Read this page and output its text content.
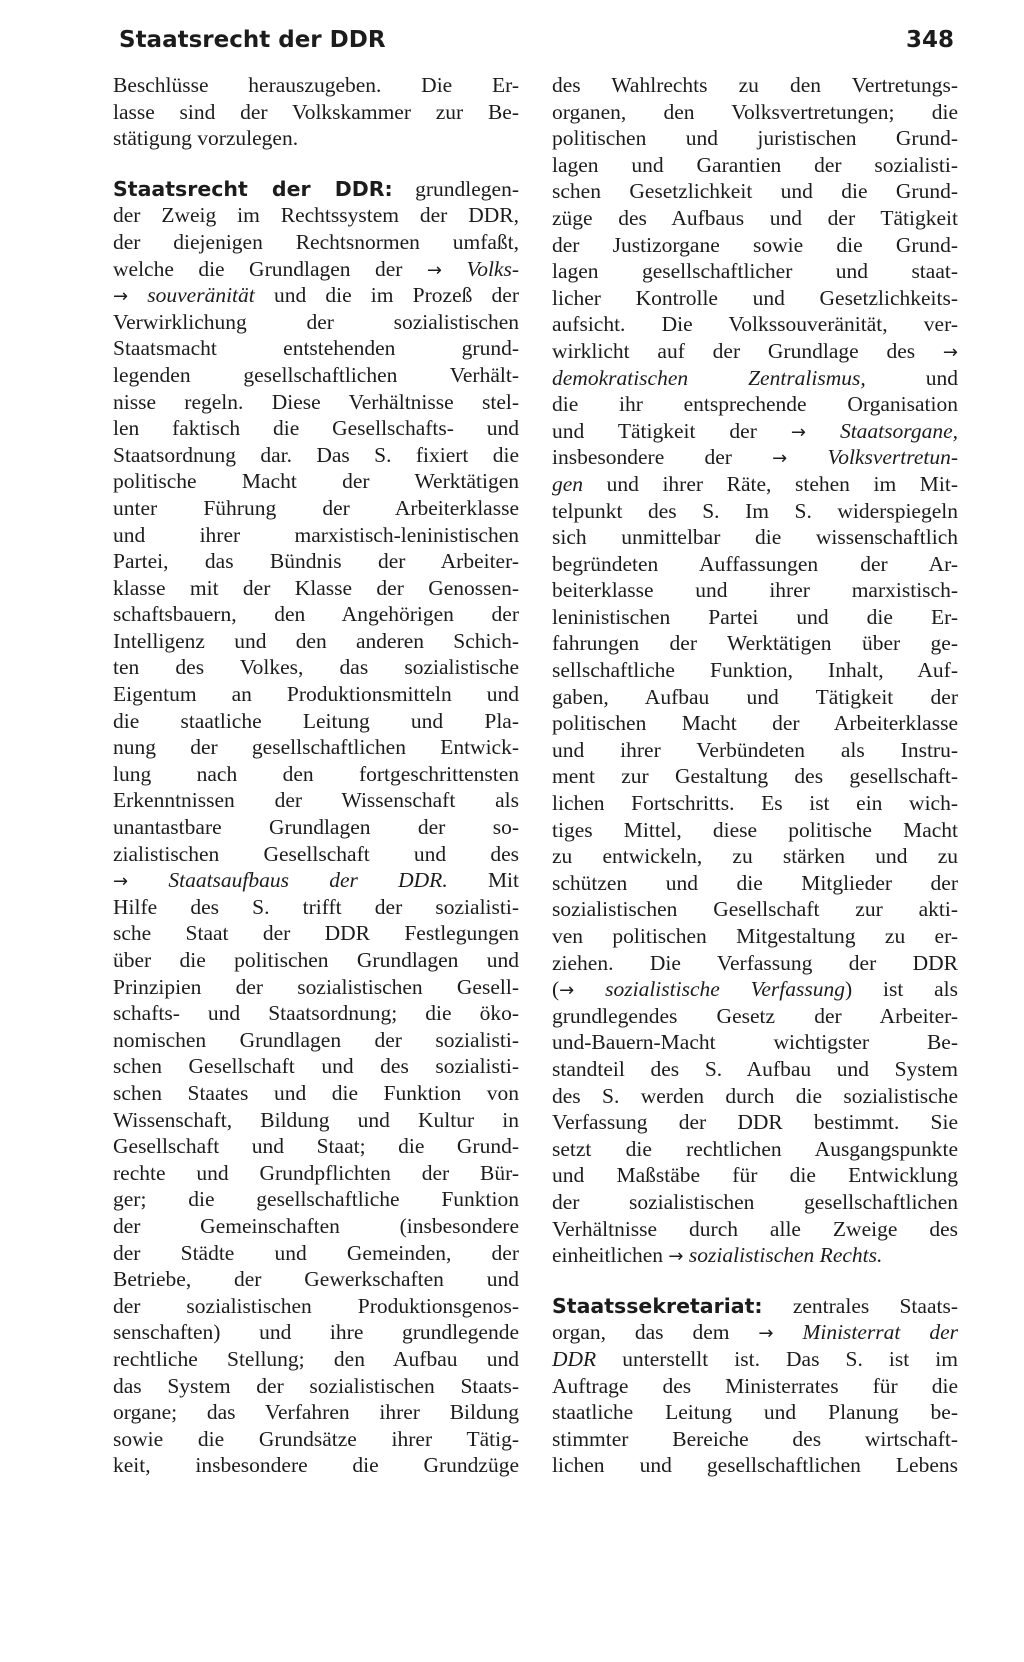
Staatsrecht der DDR	348
Beschlüsse herauszugeben. Die Er-
lasse sind der Volkskammer zur Be-
stätigung vorzulegen.
Staatsrecht der DDR: grundlegen-
der Zweig im Rechtssystem der DDR,
der diejenigen Rechtsnormen umfaßt,
welche die Grundlagen der → Volks-
→ souveränität und die im Prozeß der
Verwirklichung der sozialistischen
Staatsmacht entstehenden grund-
legenden gesellschaftlichen Verhält-
nisse regeln. Diese Verhältnisse stel-
len faktisch die Gesellschafts- und
Staatsordnung dar. Das S. fixiert die
politische Macht der Werktätigen
unter Führung der Arbeiterklasse
und ihrer marxistisch-leninistischen
Partei, das Bündnis der Arbeiter-
klasse mit der Klasse der Genossen-
schaftsbauern, den Angehörigen der
Intelligenz und den anderen Schich-
ten des Volkes, das sozialistische
Eigentum an Produktionsmitteln und
die staatliche Leitung und Pla-
nung der gesellschaftlichen Entwick-
lung nach den fortgeschrittensten
Erkenntnissen der Wissenschaft als
unantastbare Grundlagen der so-
zialistischen Gesellschaft und des
→ Staatsaufbaus der DDR. Mit
Hilfe des S. trifft der sozialisti-
sche Staat der DDR Festlegungen
über die politischen Grundlagen und
Prinzipien der sozialistischen Gesell-
schafts- und Staatsordnung; die öko-
nomischen Grundlagen der sozialisti-
schen Gesellschaft und des sozialisti-
schen Staates und die Funktion von
Wissenschaft, Bildung und Kultur in
Gesellschaft und Staat; die Grund-
rechte und Grundpflichten der Bür-
ger; die gesellschaftliche Funktion
der Gemeinschaften (insbesondere
der Städte und Gemeinden, der
Betriebe, der Gewerkschaften und
der sozialistischen Produktionsgenos-
senschaften) und ihre grundlegende
rechtliche Stellung; den Aufbau und
das System der sozialistischen Staats-
organe; das Verfahren ihrer Bildung
sowie die Grundsätze ihrer Tätig-
keit, insbesondere die Grundzüge
des Wahlrechts zu den Vertretungs-
organen, den Volksvertretungen; die
politischen und juristischen Grund-
lagen und Garantien der sozialisti-
schen Gesetzlichkeit und die Grund-
züge des Aufbaus und der Tätigkeit
der Justizorgane sowie die Grund-
lagen gesellschaftlicher und staat-
licher Kontrolle und Gesetzlichkeits-
aufsicht. Die Volkssouveränität, ver-
wirklicht auf der Grundlage des →
demokratischen Zentralismus, und
die ihr entsprechende Organisation
und Tätigkeit der → Staatsorgane,
insbesondere der → Volksvertretun-
gen und ihrer Räte, stehen im Mit-
telpunkt des S. Im S. widerspiegeln
sich unmittelbar die wissenschaftlich
begründeten Auffassungen der Ar-
beiterklasse und ihrer marxistisch-
leninistischen Partei und die Er-
fahrungen der Werktätigen über ge-
sellschaftliche Funktion, Inhalt, Auf-
gaben, Aufbau und Tätigkeit der
politischen Macht der Arbeiterklasse
und ihrer Verbündeten als Instru-
ment zur Gestaltung des gesellschaft-
lichen Fortschritts. Es ist ein wich-
tiges Mittel, diese politische Macht
zu entwickeln, zu stärken und zu
schützen und die Mitglieder der
sozialistischen Gesellschaft zur akti-
ven politischen Mitgestaltung zu er-
ziehen. Die Verfassung der DDR
(→ sozialistische Verfassung) ist als
grundlegendes Gesetz der Arbeiter-
und-Bauern-Macht wichtigster Be-
standteil des S. Aufbau und System
des S. werden durch die sozialistische
Verfassung der DDR bestimmt. Sie
setzt die rechtlichen Ausgangspunkte
und Maßstäbe für die Entwicklung
der sozialistischen gesellschaftlichen
Verhältnisse durch alle Zweige des
einheitlichen → sozialistischen Rechts.
Staatssekretariat: zentrales Staats-
organ, das dem → Ministerrat der
DDR unterstellt ist. Das S. ist im
Auftrage des Ministerrates für die
staatliche Leitung und Planung be-
stimmter Bereiche des wirtschaft-
lichen und gesellschaftlichen Lebens
